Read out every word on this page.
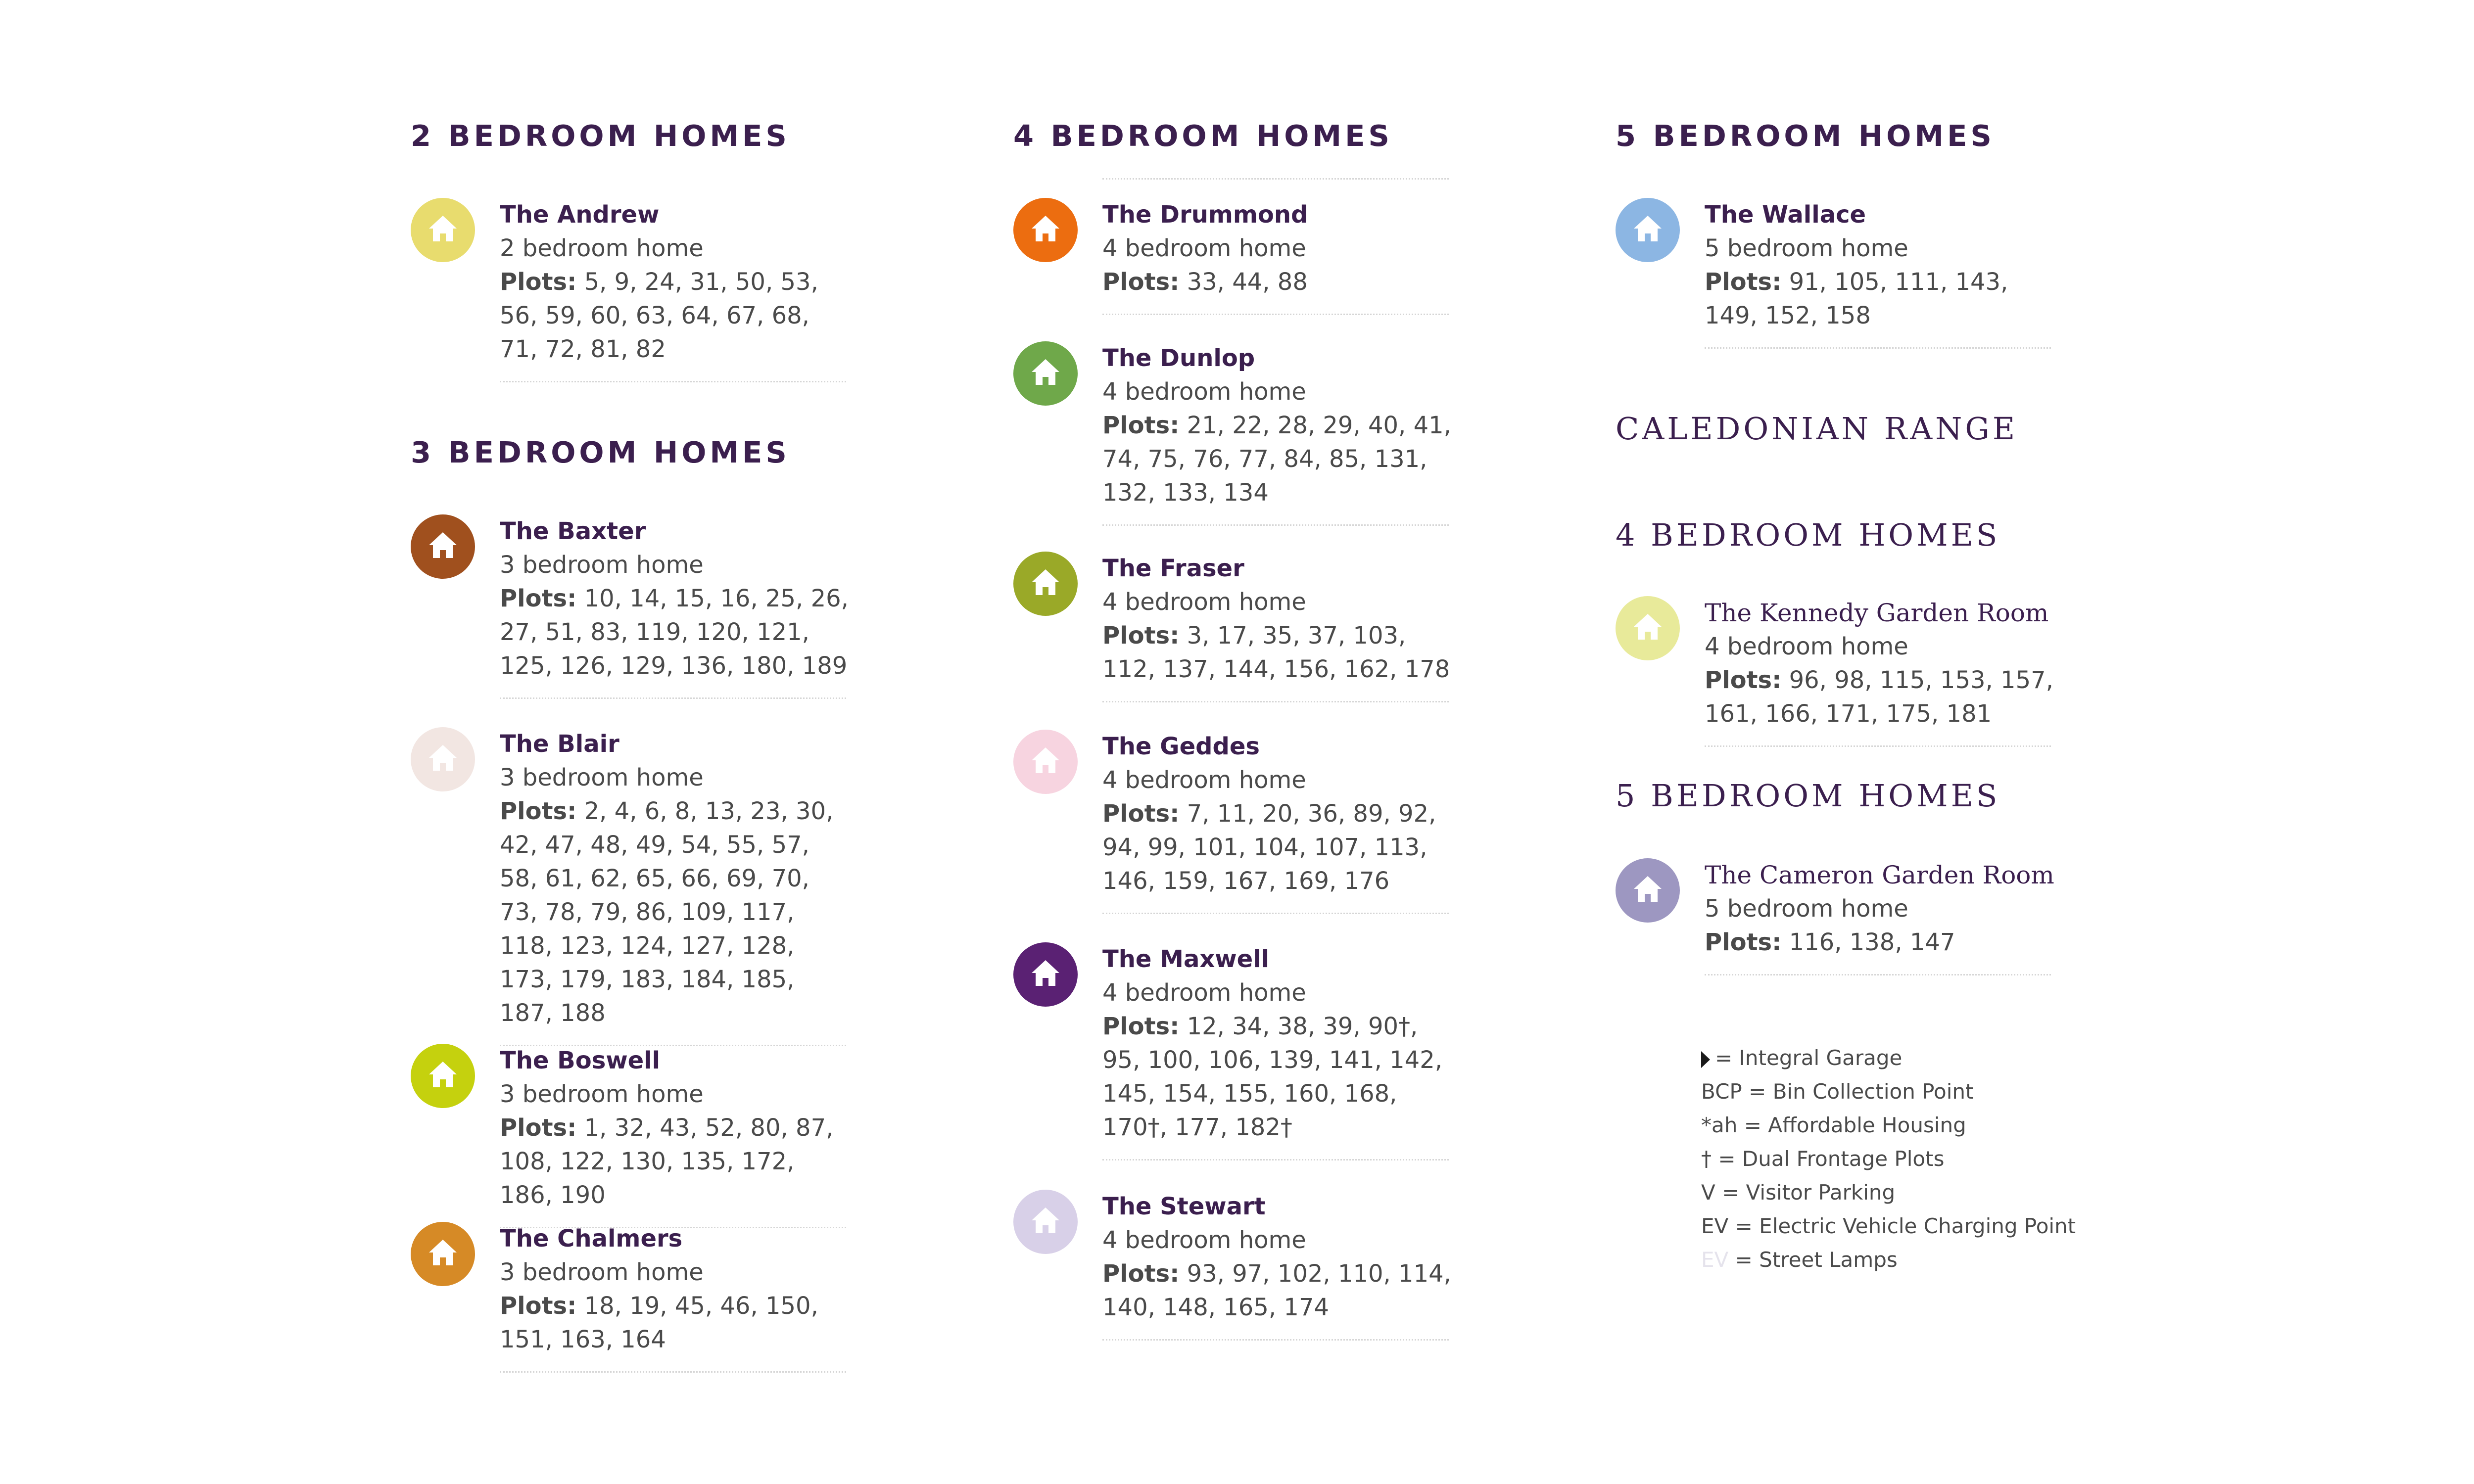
2 BEDROOM HOMES
The Andrew
2 bedroom home
Plots: 5, 9, 24, 31, 50, 53, 56, 59, 60, 63, 64, 67, 68, 71, 72, 81, 82
3 BEDROOM HOMES
The Baxter
3 bedroom home
Plots: 10, 14, 15, 16, 25, 26, 27, 51, 83, 119, 120, 121, 125, 126, 129, 136, 180, 189
The Blair
3 bedroom home
Plots: 2, 4, 6, 8, 13, 23, 30, 42, 47, 48, 49, 54, 55, 57, 58, 61, 62, 65, 66, 69, 70, 73, 78, 79, 86, 109, 117, 118, 123, 124, 127, 128, 173, 179, 183, 184, 185, 187, 188
The Boswell
3 bedroom home
Plots: 1, 32, 43, 52, 80, 87, 108, 122, 130, 135, 172, 186, 190
The Chalmers
3 bedroom home
Plots: 18, 19, 45, 46, 150, 151, 163, 164
4 BEDROOM HOMES
The Drummond
4 bedroom home
Plots: 33, 44, 88
The Dunlop
4 bedroom home
Plots: 21, 22, 28, 29, 40, 41, 74, 75, 76, 77, 84, 85, 131, 132, 133, 134
The Fraser
4 bedroom home
Plots: 3, 17, 35, 37, 103, 112, 137, 144, 156, 162, 178
The Geddes
4 bedroom home
Plots: 7, 11, 20, 36, 89, 92, 94, 99, 101, 104, 107, 113, 146, 159, 167, 169, 176
The Maxwell
4 bedroom home
Plots: 12, 34, 38, 39, 90†, 95, 100, 106, 139, 141, 142, 145, 154, 155, 160, 168, 170†, 177, 182†
The Stewart
4 bedroom home
Plots: 93, 97, 102, 110, 114, 140, 148, 165, 174
5 BEDROOM HOMES
The Wallace
5 bedroom home
Plots: 91, 105, 111, 143, 149, 152, 158
CALEDONIAN RANGE
4 BEDROOM HOMES
The Kennedy Garden Room
4 bedroom home
Plots: 96, 98, 115, 153, 157, 161, 166, 171, 175, 181
5 BEDROOM HOMES
The Cameron Garden Room
5 bedroom home
Plots: 116, 138, 147
= Integral Garage
BCP = Bin Collection Point
*ah = Affordable Housing
† = Dual Frontage Plots
V = Visitor Parking
EV = Electric Vehicle Charging Point
EV = Street Lamps
